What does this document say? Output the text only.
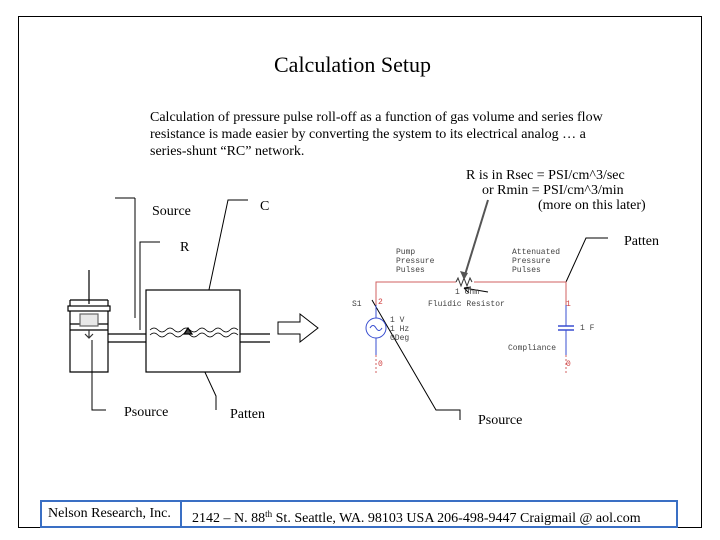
Calculation Setup
Calculation of pressure pulse roll-off as a function of gas volume and series flow resistance is made easier by converting the system to its electrical analog … a series-shunt “RC” network.
R is in Rsec = PSI/cm^3/sec
or Rmin = PSI/cm^3/min
(more on this later)
Source	C
R	Patten
Psource	Patten	Psource
Pump
Pressure
Pulses
Attenuated
Pressure
Pulses
1 Ohm
Fluidic Resistor
S1
1 V
1 Hz
0Deg
1 F
Compliance
2	1
0	0
Nelson Research, Inc.	2142 – N. 88th St. Seattle, WA. 98103 USA 206-498-9447 Craigmail @ aol.com
